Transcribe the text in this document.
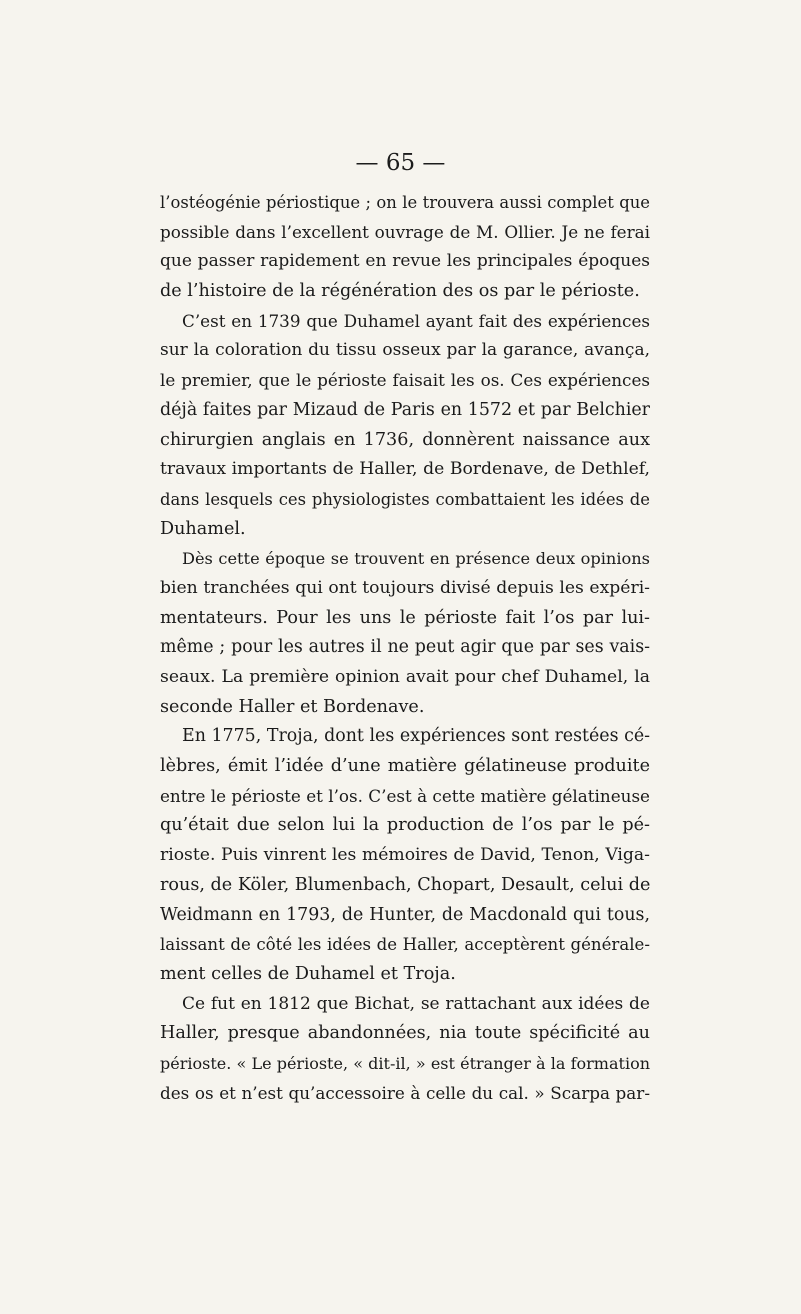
— 65 —
l’ostéogénie périostique ; on le trouvera aussi complet que
possible dans l’excellent ouvrage de M. Ollier. Je ne ferai
que passer rapidement en revue les principales époques
de l’histoire de la régénération des os par le périoste.
C’est en 1739 que Duhamel ayant fait des expériences
sur la coloration du tissu osseux par la garance, avança,
le premier, que le périoste faisait les os. Ces expériences
déjà faites par Mizaud de Paris en 1572 et par Belchier
chirurgien anglais en 1736, donnèrent naissance aux
travaux importants de Haller, de Bordenave, de Dethlef,
dans lesquels ces physiologistes combattaient les idées de
Duhamel.
Dès cette époque se trouvent en présence deux opinions
bien tranchées qui ont toujours divisé depuis les expéri-
mentateurs. Pour les uns le périoste fait l’os par lui-
même ; pour les autres il ne peut agir que par ses vais-
seaux. La première opinion avait pour chef Duhamel, la
seconde Haller et Bordenave.
En 1775, Troja, dont les expériences sont restées cé-
lèbres, émit l’idée d’une matière gélatineuse produite
entre le périoste et l’os. C’est à cette matière gélatineuse
qu’était due selon lui la production de l’os par le pé-
rioste. Puis vinrent les mémoires de David, Tenon, Viga-
rous, de Köler, Blumenbach, Chopart, Desault, celui de
Weidmann en 1793, de Hunter, de Macdonald qui tous,
laissant de côté les idées de Haller, acceptèrent générale-
ment celles de Duhamel et Troja.
Ce fut en 1812 que Bichat, se rattachant aux idées de
Haller, presque abandonnées, nia toute spécificité au
périoste. « Le périoste, « dit-il, » est étranger à la formation
des os et n’est qu’accessoire à celle du cal. » Scarpa par-
